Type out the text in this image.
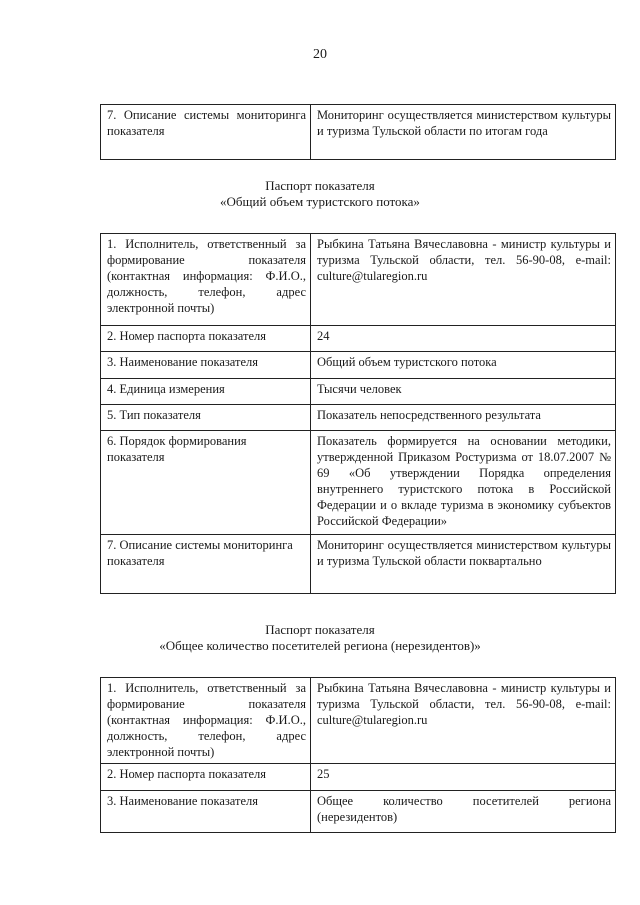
20
7. Описание системы мониторинга показателя	Мониторинг осуществляется министерством культуры и туризма Тульской области по итогам года
Паспорт показателя
«Общий объем туристского потока»
1. Исполнитель, ответственный за формирование показателя (контактная информация: Ф.И.О., должность, телефон, адрес электронной почты)	Рыбкина Татьяна Вячеславовна - министр культуры и туризма Тульской области, тел. 56-90-08, e-mail: culture@tularegion.ru
2. Номер паспорта показателя	24
3. Наименование показателя	Общий объем туристского потока
4. Единица измерения	Тысячи человек
5. Тип показателя	Показатель непосредственного результата
6. Порядок формирования показателя	Показатель формируется на основании методики, утвержденной Приказом Ростуризма от 18.07.2007 № 69 «Об утверждении Порядка определения внутреннего туристского потока в Российской Федерации и о вкладе туризма в экономику субъектов Российской Федерации»
7. Описание системы мониторинга показателя	Мониторинг осуществляется министерством культуры и туризма Тульской области поквартально
Паспорт показателя
«Общее количество посетителей региона (нерезидентов)»
1. Исполнитель, ответственный за формирование показателя (контактная информация: Ф.И.О., должность, телефон, адрес электронной почты)	Рыбкина Татьяна Вячеславовна - министр культуры и туризма Тульской области, тел. 56-90-08, e-mail: culture@tularegion.ru
2. Номер паспорта показателя	25
3. Наименование показателя	Общее количество посетителей региона (нерезидентов)
